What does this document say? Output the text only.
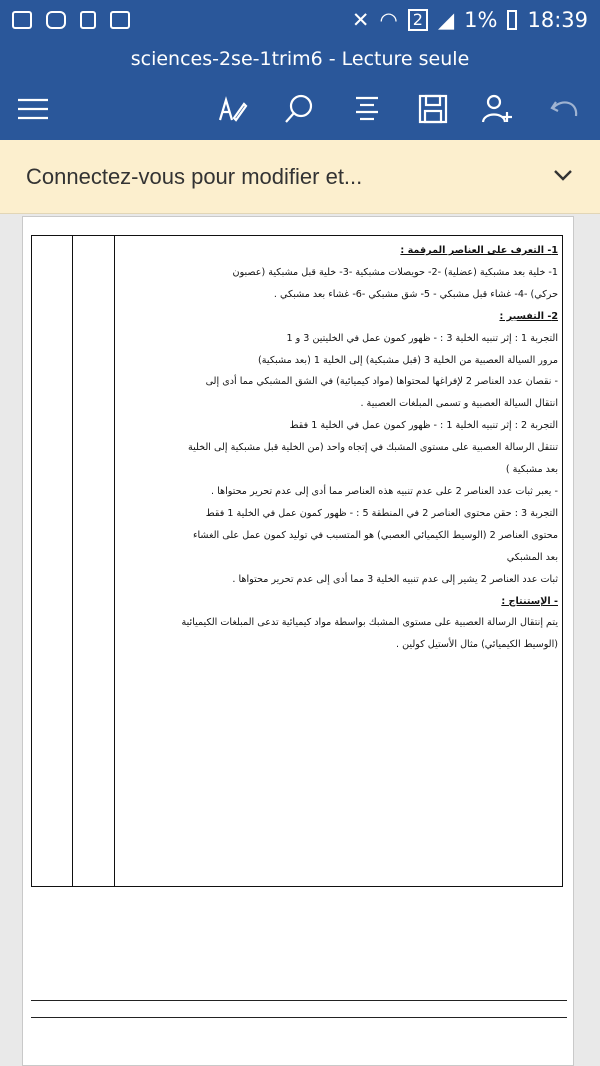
✕ ◠ 2 ◢ 1% 18:39
sciences-2se-1trim6 - Lecture seule
Connectez-vous pour modifier et...
1- التعرف على العناصر المرقمة :
1- خلية بعد مشبكية (عضلية) -2- حويصلات مشبكية -3- خلية قبل مشبكية (عصبون
حركي) -4- غشاء قبل مشبكي - 5- شق مشبكي -6- غشاء بعد مشبكي .
2- التفسير :
التجربة 1 : إثر تنبيه الخلية 3 : - ظهور كمون عمل في الخليتين 3 و 1
مرور السيالة العصبية من الخلية 3 (قبل مشبكية) إلى الخلية 1 (بعد مشبكية)
- نقصان عدد العناصر 2 لإفراغها لمحتواها (مواد كيميائية) في الشق المشبكي مما أدى إلى
انتقال السيالة العصبية و تسمى المبلغات العصبية .
التجربة 2 : إثر تنبيه الخلية 1 : - ظهور كمون عمل في الخلية 1 فقط
تنتقل الرسالة العصبية على مستوى المشبك في إتجاه واحد (من الخلية قبل مشبكية إلى الخلية
بعد مشبكية )
- يعبر ثبات عدد العناصر 2 على عدم تنبيه هذه العناصر مما أدى إلى عدم تحرير محتواها .
التجربة 3 : حقن محتوى العناصر 2 في المنطقة 5 : - ظهور كمون عمل في الخلية 1 فقط
محتوى العناصر 2 (الوسيط الكيميائي العصبي) هو المتسبب في توليد كمون عمل على الغشاء
بعد المشبكي
ثبات عدد العناصر 2 يشير إلى عدم تنبيه الخلية 3 مما أدى إلى عدم تحرير محتواها .
- الإستنتاج :
يتم إنتقال الرسالة العصبية على مستوى المشبك بواسطة مواد كيميائية تدعى المبلغات الكيميائية
(الوسيط الكيميائي) مثال الأستيل كولين .
